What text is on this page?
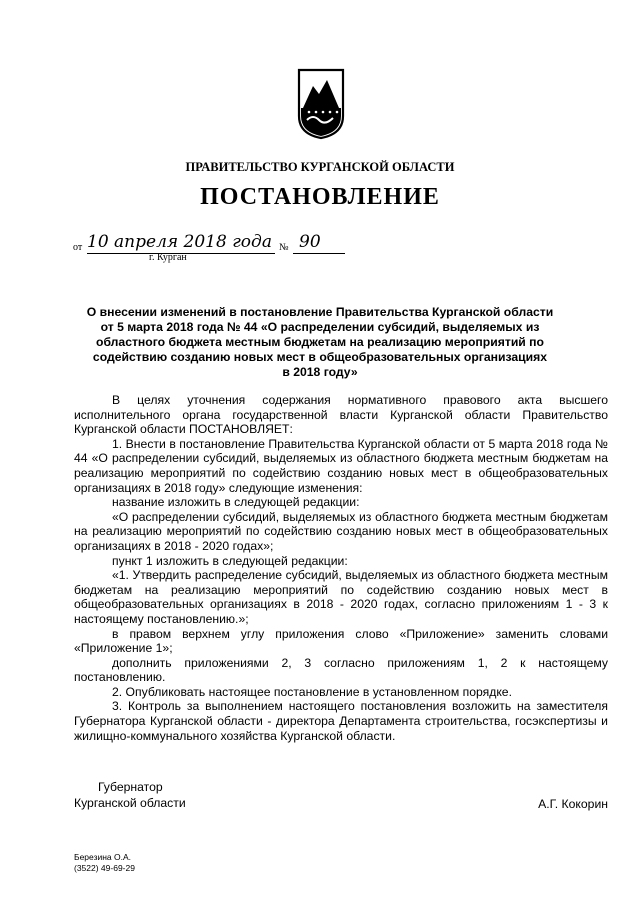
ПРАВИТЕЛЬСТВО КУРГАНСКОЙ ОБЛАСТИ
ПОСТАНОВЛЕНИЕ
от 10 апреля 2018 года № 90
г. Курган
О внесении изменений в постановление Правительства Курганской области
от 5 марта 2018 года № 44 «О распределении субсидий, выделяемых из
областного бюджета местным бюджетам на реализацию мероприятий по
содействию созданию новых мест в общеобразовательных организациях
в 2018 году»

В целях уточнения содержания нормативного правового акта высшего исполнительного органа государственной власти Курганской области Правительство Курганской области ПОСТАНОВЛЯЕТ:

1. Внести в постановление Правительства Курганской области от 5 марта 2018 года № 44 «О распределении субсидий, выделяемых из областного бюджета местным бюджетам на реализацию мероприятий по содействию созданию новых мест в общеобразовательных организациях в 2018 году» следующие изменения:

название изложить в следующей редакции:

«О распределении субсидий, выделяемых из областного бюджета местным бюджетам на реализацию мероприятий по содействию созданию новых мест в общеобразовательных организациях в 2018 - 2020 годах»;

пункт 1 изложить в следующей редакции:

«1. Утвердить распределение субсидий, выделяемых из областного бюджета местным бюджетам на реализацию мероприятий по содействию созданию новых мест в общеобразовательных организациях в 2018 - 2020 годах, согласно приложениям 1 - 3 к настоящему постановлению.»;

в правом верхнем углу приложения слово «Приложение» заменить словами «Приложение 1»;

дополнить приложениями 2, 3 согласно приложениям 1, 2 к настоящему постановлению.

2. Опубликовать настоящее постановление в установленном порядке.

3. Контроль за выполнением настоящего постановления возложить на заместителя Губернатора Курганской области - директора Департамента строительства, госэкспертизы и жилищно-коммунального хозяйства Курганской области.

Губернатор
Курганской области	А.Г. Кокорин
Березина О.А.
(3522) 49-69-29
